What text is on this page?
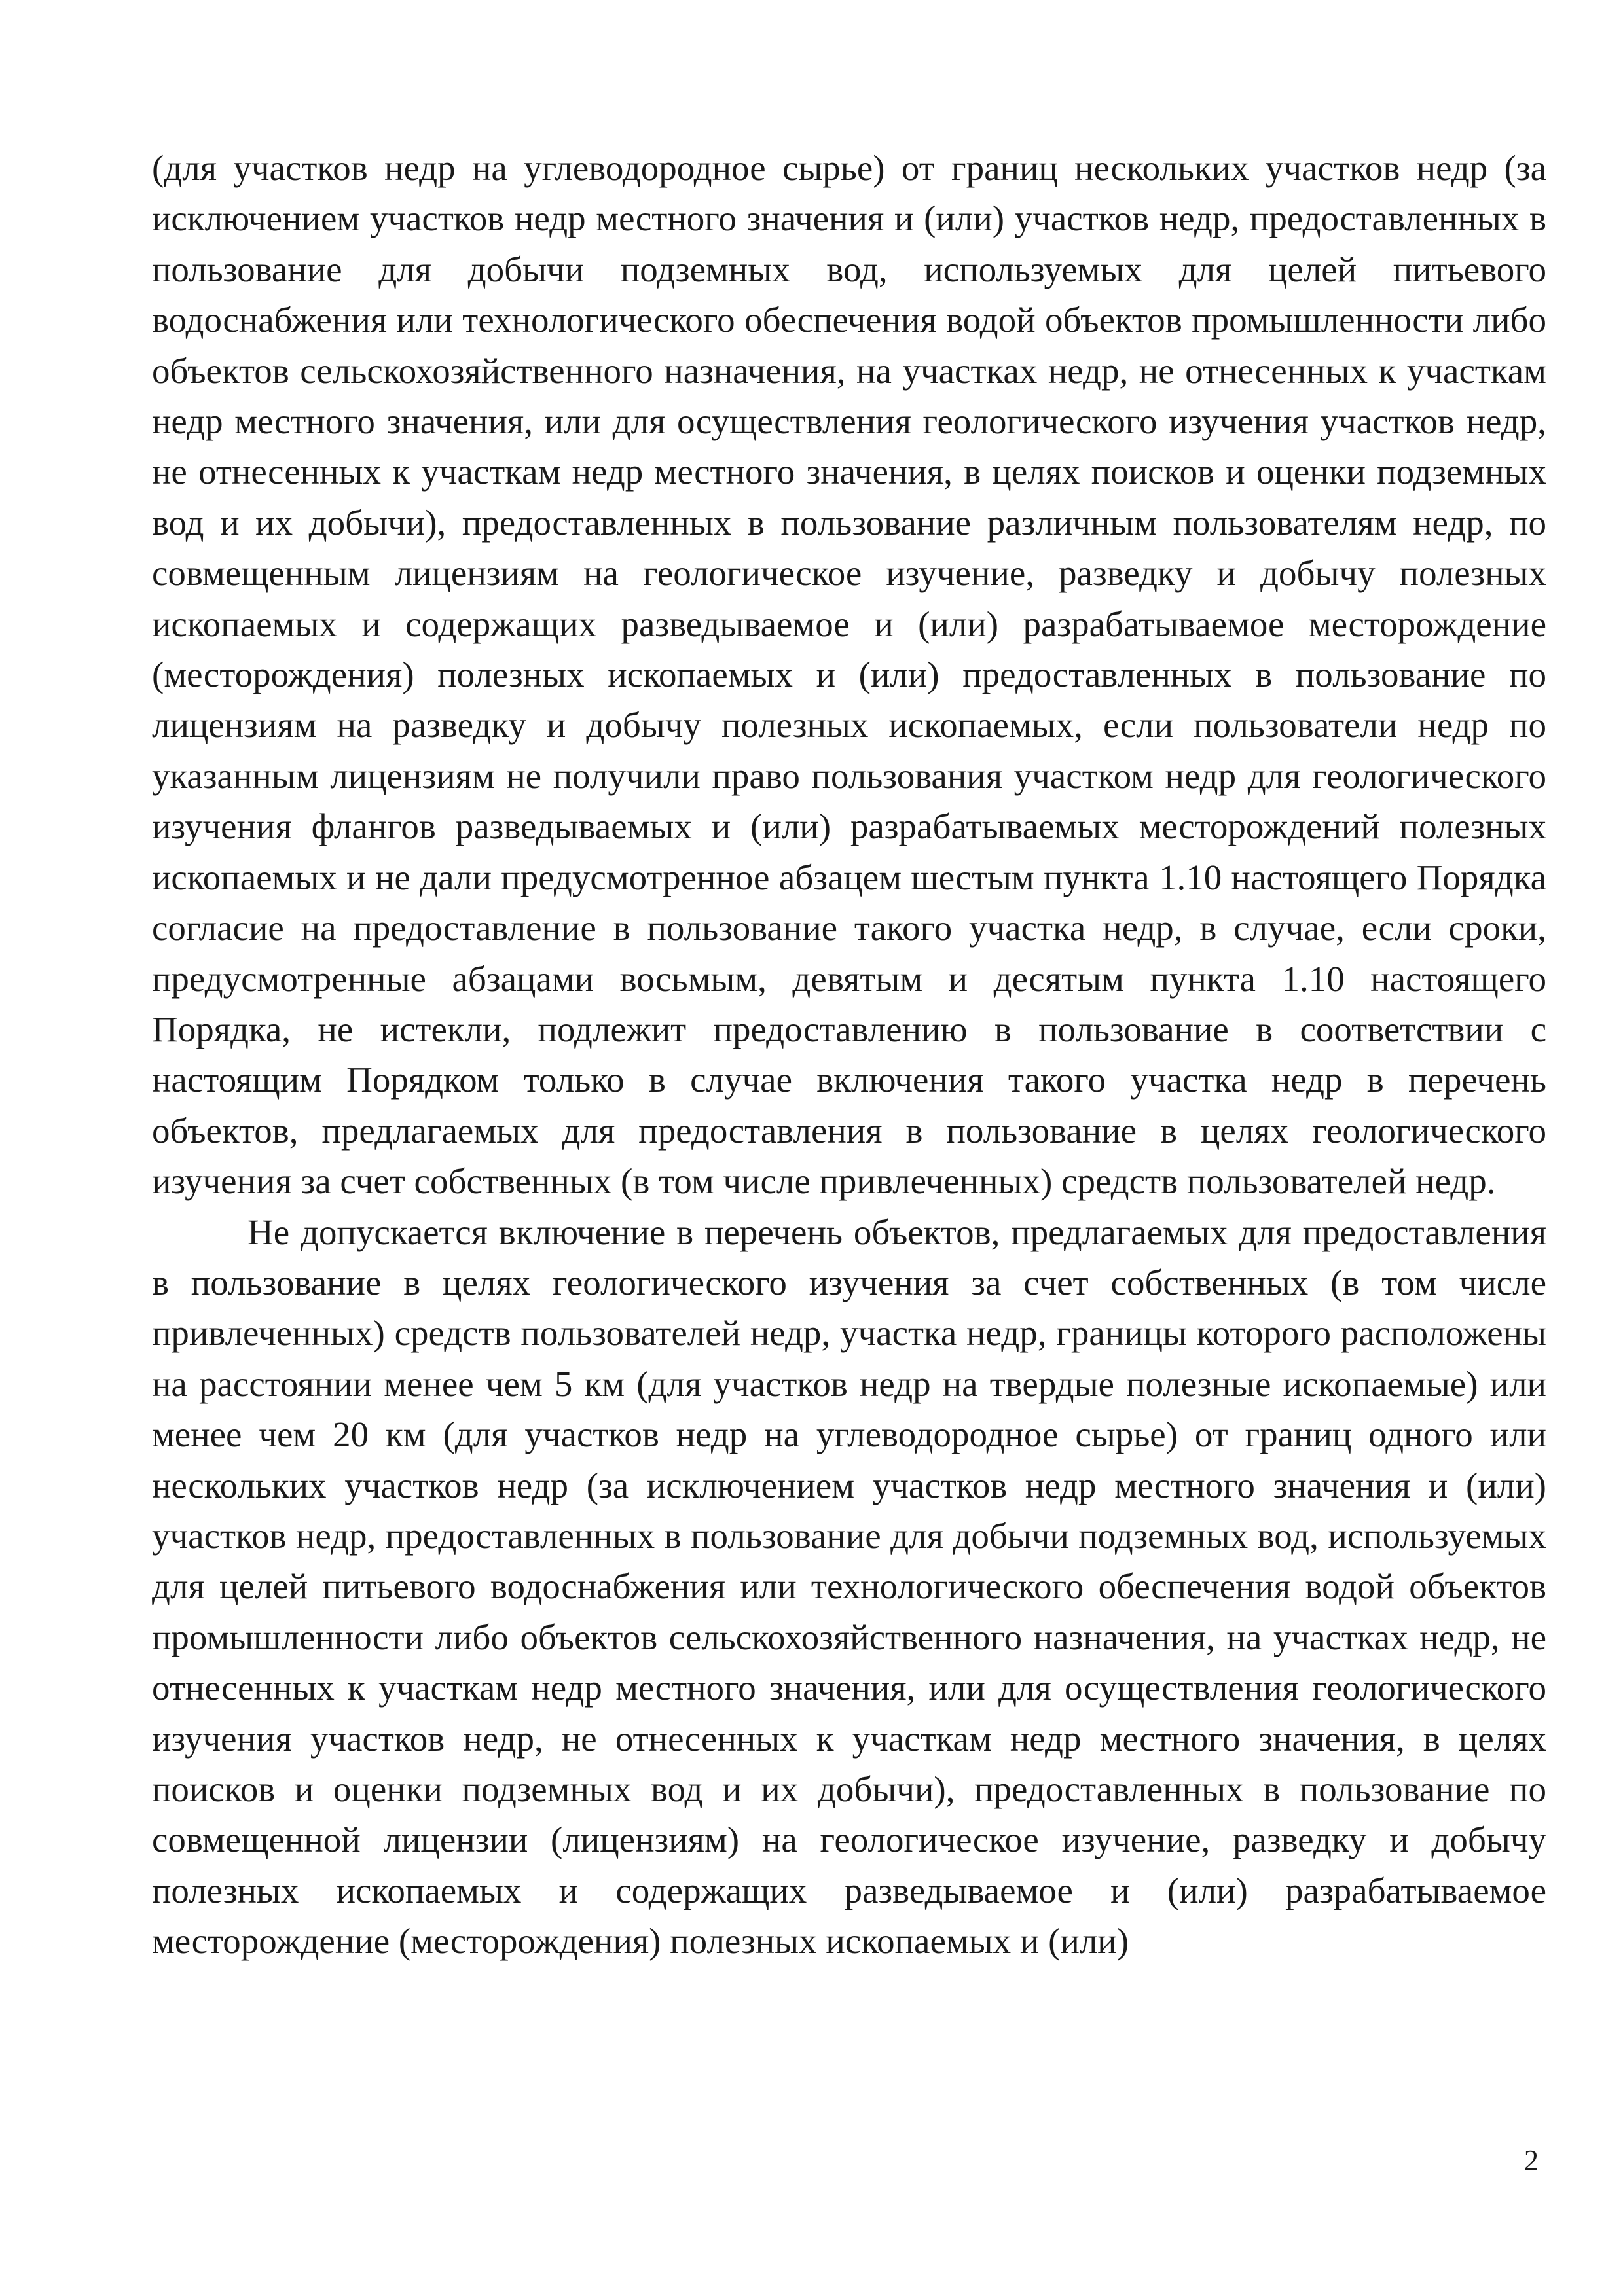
(для участков недр на углеводородное сырье) от границ нескольких участков недр (за исключением участков недр местного значения и (или) участков недр, предоставленных в пользование для добычи подземных вод, используемых для целей питьевого водоснабжения или технологического обеспечения водой объектов промышленности либо объектов сельскохозяйственного назначения, на участках недр, не отнесенных к участкам недр местного значения, или для осуществления геологического изучения участков недр, не отнесенных к участкам недр местного значения, в целях поисков и оценки подземных вод и их добычи), предоставленных в пользование различным пользователям недр, по совмещенным лицензиям на геологическое изучение, разведку и добычу полезных ископаемых и содержащих разведываемое и (или) разрабатываемое месторождение (месторождения) полезных ископаемых и (или) предоставленных в пользование по лицензиям на разведку и добычу полезных ископаемых, если пользователи недр по указанным лицензиям не получили право пользования участком недр для геологического изучения флангов разведываемых и (или) разрабатываемых месторождений полезных ископаемых и не дали предусмотренное абзацем шестым пункта 1.10 настоящего Порядка согласие на предоставление в пользование такого участка недр, в случае, если сроки, предусмотренные абзацами восьмым, девятым и десятым пункта 1.10 настоящего Порядка, не истекли, подлежит предоставлению в пользование в соответствии с настоящим Порядком только в случае включения такого участка недр в перечень объектов, предлагаемых для предоставления в пользование в целях геологического изучения за счет собственных (в том числе привлеченных) средств пользователей недр.

Не допускается включение в перечень объектов, предлагаемых для предоставления в пользование в целях геологического изучения за счет собственных (в том числе привлеченных) средств пользователей недр, участка недр, границы которого расположены на расстоянии менее чем 5 км (для участков недр на твердые полезные ископаемые) или менее чем 20 км (для участков недр на углеводородное сырье) от границ одного или нескольких участков недр (за исключением участков недр местного значения и (или) участков недр, предоставленных в пользование для добычи подземных вод, используемых для целей питьевого водоснабжения или технологического обеспечения водой объектов промышленности либо объектов сельскохозяйственного назначения, на участках недр, не отнесенных к участкам недр местного значения, или для осуществления геологического изучения участков недр, не отнесенных к участкам недр местного значения, в целях поисков и оценки подземных вод и их добычи), предоставленных в пользование по совмещенной лицензии (лицензиям) на геологическое изучение, разведку и добычу полезных ископаемых и содержащих разведываемое и (или) разрабатываемое месторождение (месторождения) полезных ископаемых и (или)

2
